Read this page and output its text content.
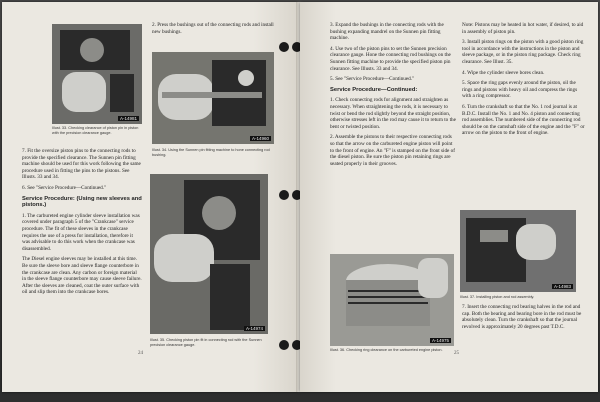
A-14981
Illust. 33. Checking clearance of piston pin in piston with the precision clearance gauge.

2. Press the bushings out of the connecting rods and install new bushings.

A-14960
Illust. 34. Using the Sunnen pin fitting machine to hone connecting rod bushing.

7. Fit the oversize piston pins to the connecting rods to provide the specified clearance. The Sunnen pin fitting machine should be used for this work following the same procedure used in fitting the pins to the pistons. See Illusts. 33 and 34.

6. See "Service Procedure—Continued."

Service Procedure: (Using new sleeves and pistons.)

1. The carbureted engine cylinder sleeve installation was covered under paragraph 5 of the "Crankcase" service procedure. The fit of these sleeves in the crankcase requires the use of a press for installation, therefore it was advisable to do this work when the crankcase was disassembled.

The Diesel engine sleeves may be installed at this time. Be sure the sleeve bore and sleeve flange counterbore in the crankcase are clean. Any carbon or foreign material in the sleeve flange counterbore may cause sleeve failure. After the sleeves are cleaned, coat the outer surface with oil and slip them into the crankcase bores.

A-14974
Illust. 35. Checking piston pin fit in connecting rod with the Sunnen precision clearance gauge.
24

3. Expand the bushings in the connecting rods with the bushing expanding mandrel on the Sunnen pin fitting machine.

4. Use two of the piston pins to set the Sunnen precision clearance gauge. Hone the connecting rod bushings on the Sunnen fitting machine to provide the specified piston pin clearance. See Illusts. 33 and 34.

5. See "Service Procedure—Continued."

Service Procedure—Continued:

1. Check connecting rods for alignment and straighten as necessary. When straightening the rods, it is necessary to twist or bend the rod slightly beyond the straight position, otherwise stresses left in the rod may cause it to return to the bent or twisted position.

2. Assemble the pistons to their respective connecting rods so that the arrow on the carbureted engine piston will point to the front of engine. An "F" is stamped on the front side of the diesel piston. Be sure the piston pin retaining rings are seated properly in their grooves.

A-14975
Illust. 36. Checking ring clearance on the carbureted engine piston.

Note: Pistons may be heated in hot water, if desired, to aid in assembly of piston pin.

3. Install piston rings on the piston with a good piston ring tool in accordance with the instructions in the piston and sleeve package, or in the piston ring package. Check ring clearance. See Illust. 35.

4. Wipe the cylinder sleeve bores clean.

5. Space the ring gaps evenly around the piston, oil the rings and pistons with heavy oil and compress the rings with a ring compressor.

6. Turn the crankshaft so that the No. 1 rod journal is at B.D.C. Install the No. 1 and No. 4 piston and connecting rod assemblies. The numbered side of the connecting rod should be on the camshaft side of the engine and the "F" or arrow on the piston to the front of engine.

A-14983
Illust. 37. Installing piston and rod assembly.

7. Insert the connecting rod bearing halves in the rod and cap. Both the bearing and bearing bore in the rod must be absolutely clean. Turn the crankshaft so that the journal revolved is approximately 20 degrees past T.D.C.

25
